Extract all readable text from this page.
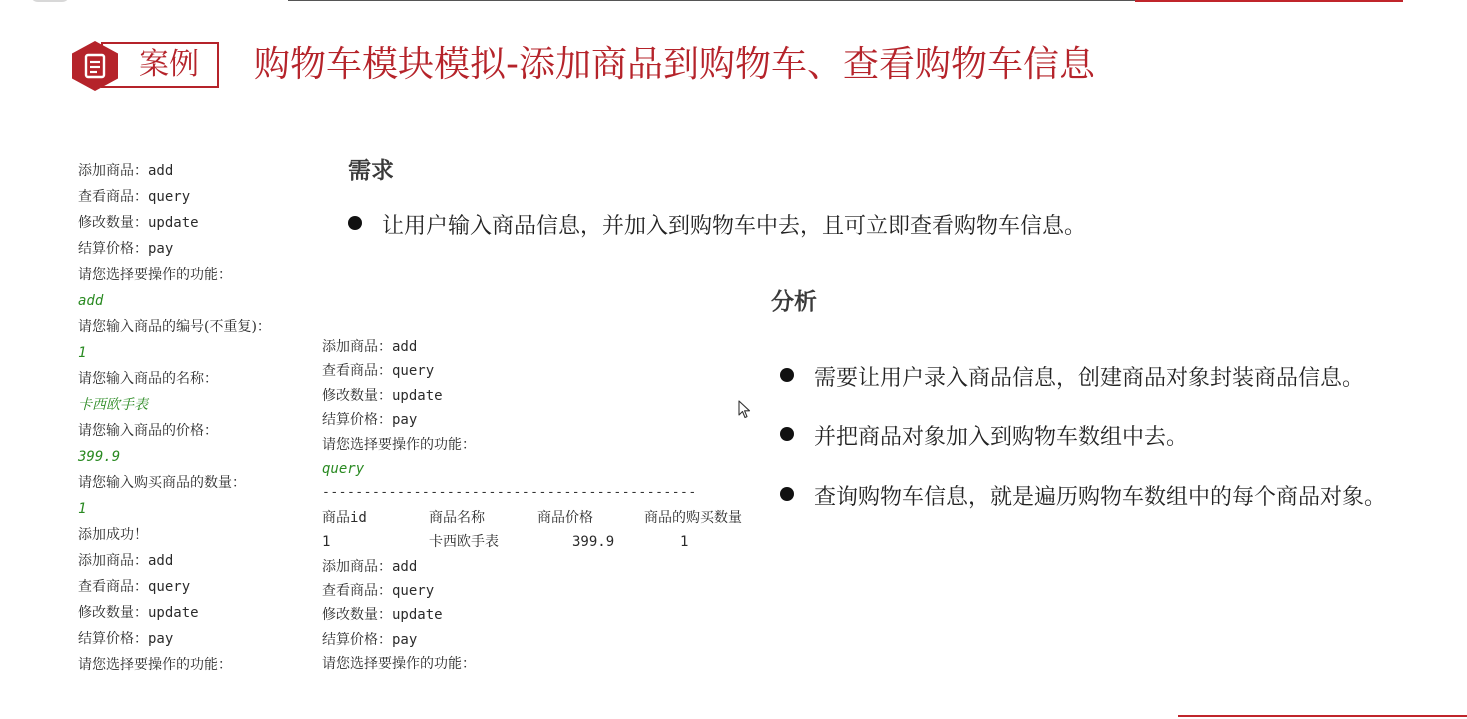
案例 购物车模块模拟-添加商品到购物车、查看购物车信息
添加商品：add
查看商品：query
修改数量：update
结算价格：pay
请您选择要操作的功能：
add
请您输入商品的编号(不重复)：
1
请您输入商品的名称：
卡西欧手表
请您输入商品的价格：
399.9
请您输入购买商品的数量：
1
添加成功！
添加商品：add
查看商品：query
修改数量：update
结算价格：pay
请您选择要操作的功能：
添加商品：add
查看商品：query
修改数量：update
结算价格：pay
请您选择要操作的功能：
query
---------------------------------------------
商品id	商品名称	商品价格	商品的购买数量
1	卡西欧手表	399.9	1
添加商品：add
查看商品：query
修改数量：update
结算价格：pay
请您选择要操作的功能：
需求
让用户输入商品信息，并加入到购物车中去，且可立即查看购物车信息。
分析
需要让用户录入商品信息，创建商品对象封装商品信息。
并把商品对象加入到购物车数组中去。
查询购物车信息，就是遍历购物车数组中的每个商品对象。
